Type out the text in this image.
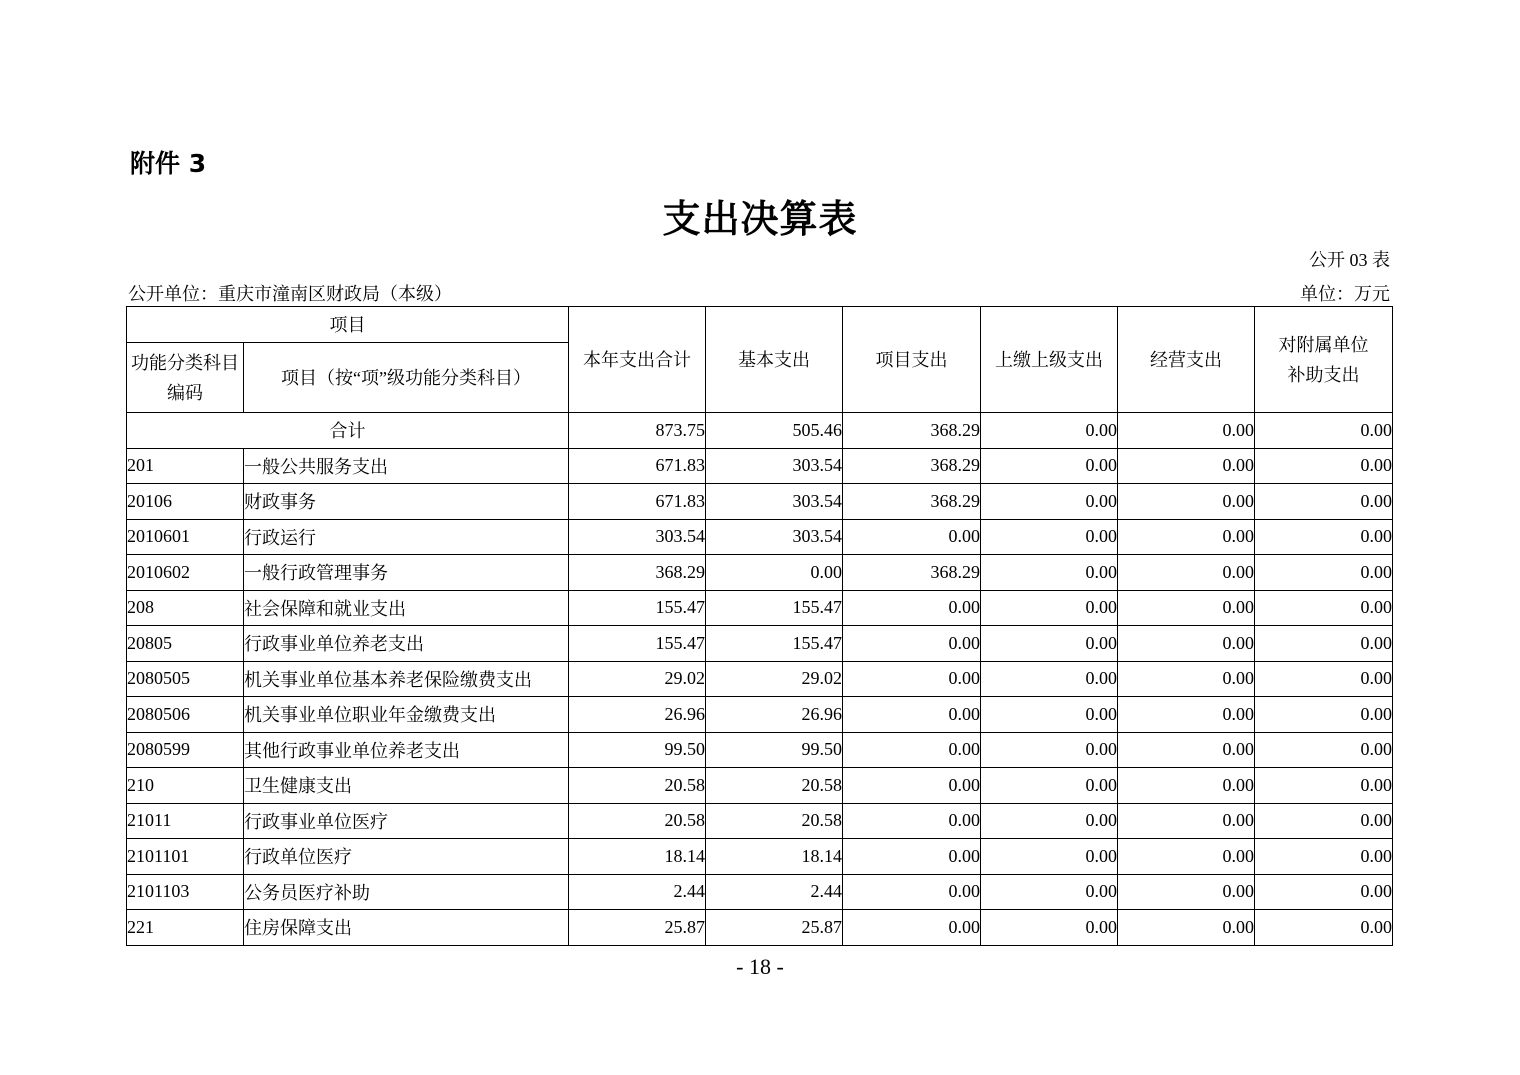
附件 3
支出决算表
公开 03 表
公开单位：重庆市潼南区财政局（本级）	单位：万元
项目		本年支出合计	基本支出	项目支出	上缴上级支出	经营支出	对附属单位补助支出
功能分类科目编码	项目（按“项”级功能分类科目）						
合计		873.75	505.46	368.29	0.00	0.00	0.00
201	一般公共服务支出	671.83	303.54	368.29	0.00	0.00	0.00
20106	财政事务	671.83	303.54	368.29	0.00	0.00	0.00
2010601	行政运行	303.54	303.54	0.00	0.00	0.00	0.00
2010602	一般行政管理事务	368.29	0.00	368.29	0.00	0.00	0.00
208	社会保障和就业支出	155.47	155.47	0.00	0.00	0.00	0.00
20805	行政事业单位养老支出	155.47	155.47	0.00	0.00	0.00	0.00
2080505	机关事业单位基本养老保险缴费支出	29.02	29.02	0.00	0.00	0.00	0.00
2080506	机关事业单位职业年金缴费支出	26.96	26.96	0.00	0.00	0.00	0.00
2080599	其他行政事业单位养老支出	99.50	99.50	0.00	0.00	0.00	0.00
210	卫生健康支出	20.58	20.58	0.00	0.00	0.00	0.00
21011	行政事业单位医疗	20.58	20.58	0.00	0.00	0.00	0.00
2101101	行政单位医疗	18.14	18.14	0.00	0.00	0.00	0.00
2101103	公务员医疗补助	2.44	2.44	0.00	0.00	0.00	0.00
221	住房保障支出	25.87	25.87	0.00	0.00	0.00	0.00
- 18 -
